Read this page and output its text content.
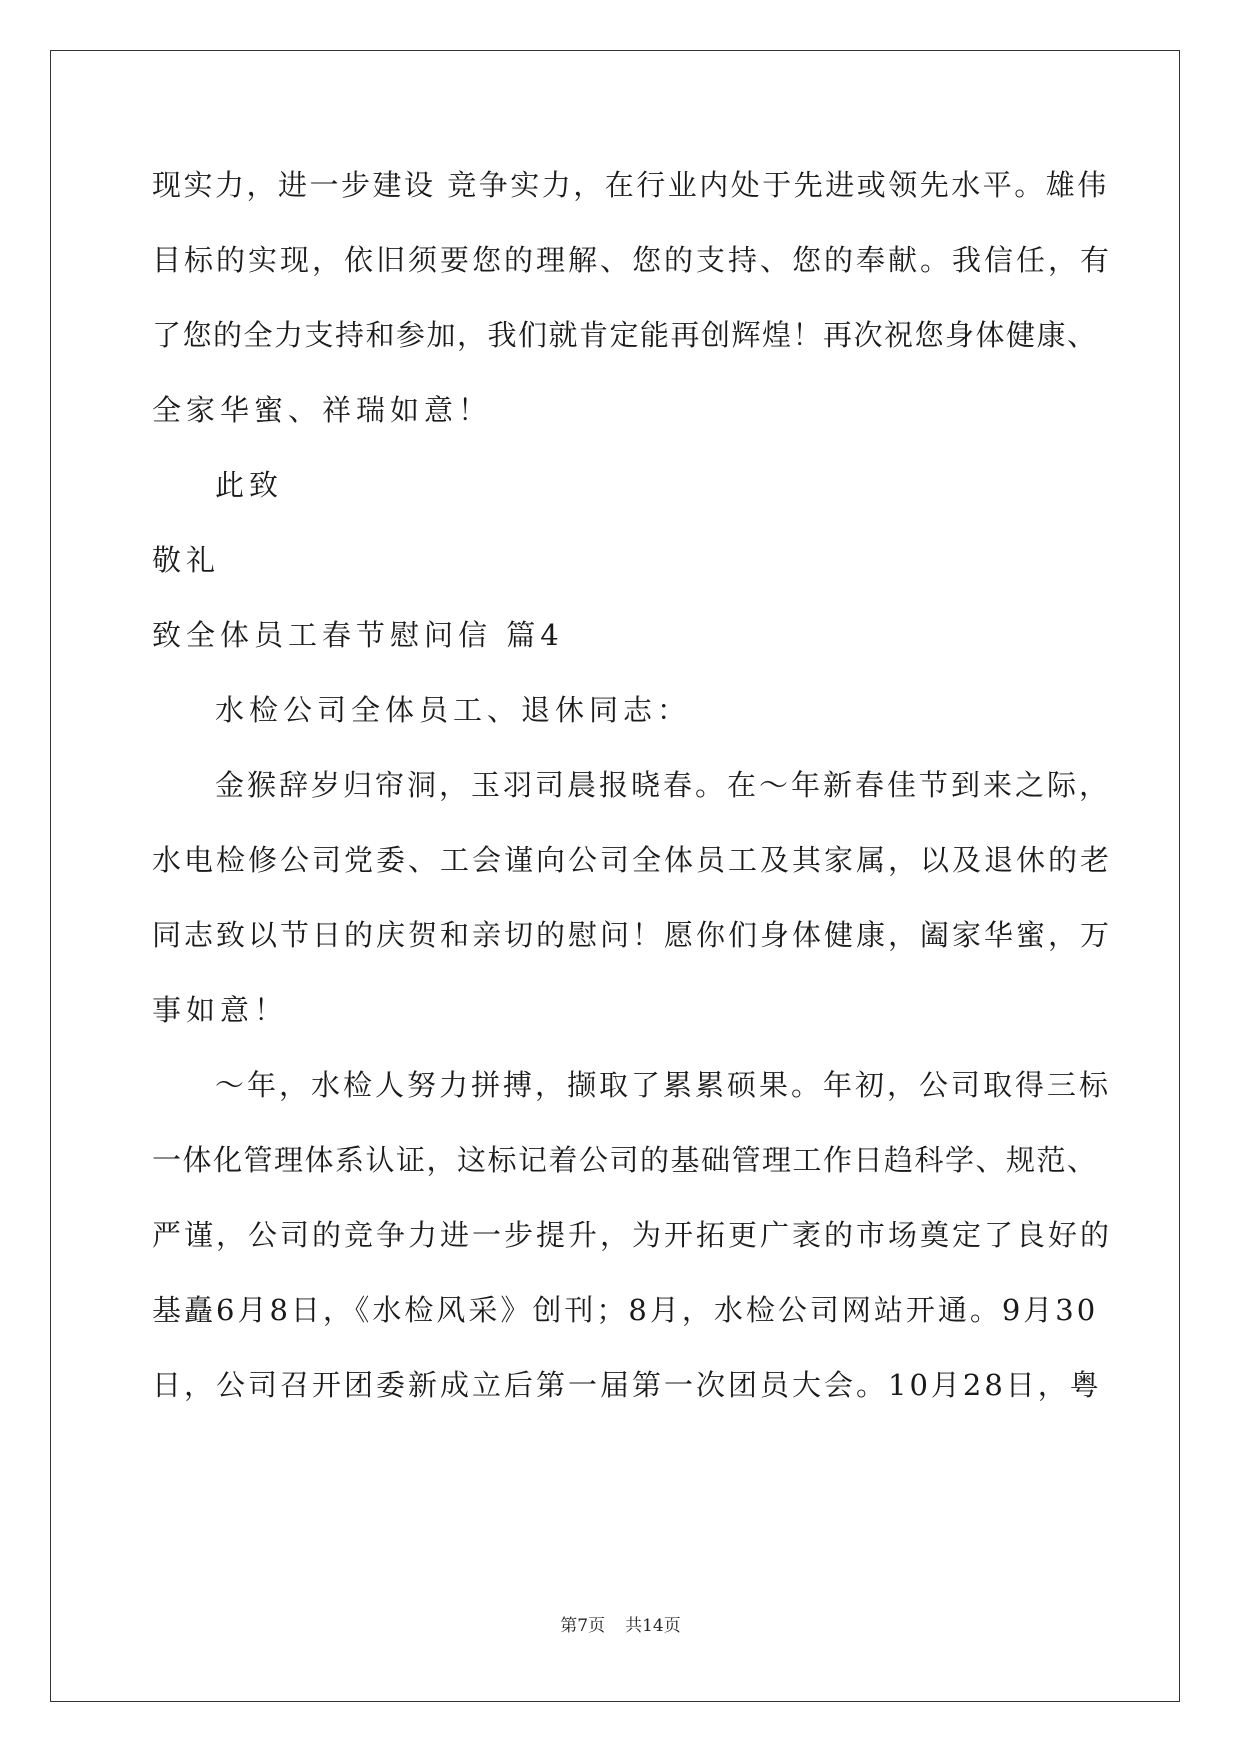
现实力，进一步建设 竞争实力，在行业内处于先进或领先水平。雄伟
目标的实现，依旧须要您的理解、您的支持、您的奉献。我信任，有
了您的全力支持和参加，我们就肯定能再创辉煌！再次祝您身体健康、
全家华蜜、祥瑞如意！
此致
敬礼
致全体员工春节慰问信 篇4
水检公司全体员工、退休同志：
金猴辞岁归帘洞，玉羽司晨报晓春。在～年新春佳节到来之际，
水电检修公司党委、工会谨向公司全体员工及其家属，以及退休的老
同志致以节日的庆贺和亲切的慰问！愿你们身体健康，阖家华蜜，万
事如意！
～年，水检人努力拼搏，撷取了累累硕果。年初，公司取得三标
一体化管理体系认证，这标记着公司的基础管理工作日趋科学、规范、
严谨，公司的竞争力进一步提升，为开拓更广袤的市场奠定了良好的
基矗6月8日，《水检风采》创刊；8月，水检公司网站开通。9月30
日，公司召开团委新成立后第一届第一次团员大会。10月28日，粤
第7页 共14页
